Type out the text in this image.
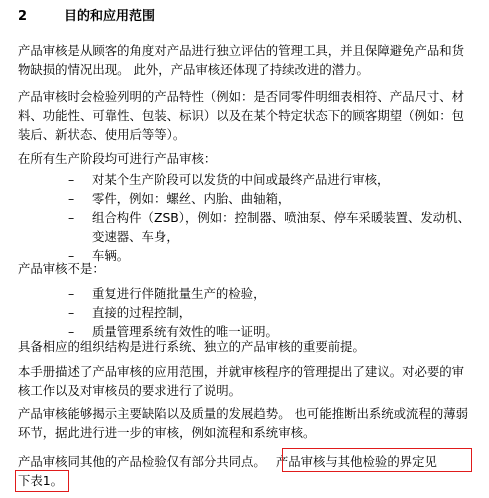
2	目的和应用范围

产品审核是从顾客的角度对产品进行独立评估的管理工具，并且保障避免产品和货物缺损的情况出现。 此外，产品审核还体现了持续改进的潜力。

产品审核时会检验列明的产品特性（例如：是否同零件明细表相符、产品尺寸、材料、功能性、可靠性、包装、标识）以及在某个特定状态下的顾客期望（例如：包装后、新状态、使用后等等）。

在所有生产阶段均可进行产品审核：

– 对某个生产阶段可以发货的中间或最终产品进行审核，
– 零件，例如：螺丝、内胎、曲轴箱，
– 组合构件（ZSB），例如：控制器、喷油泵、停车采暖装置、发动机、变速器、车身，
– 车辆。

产品审核不是：

– 重复进行伴随批量生产的检验，
– 直接的过程控制，
– 质量管理系统有效性的唯一证明。

具备相应的组织结构是进行系统、独立的产品审核的重要前提。

本手册描述了产品审核的应用范围，并就审核程序的管理提出了建议。对必要的审核工作以及对审核员的要求进行了说明。

产品审核能够揭示主要缺陷以及质量的发展趋势。 也可能推断出系统或流程的薄弱环节，据此进行进一步的审核，例如流程和系统审核。

产品审核同其他的产品检验仅有部分共同点。 产品审核与其他检验的界定见
下表1。
